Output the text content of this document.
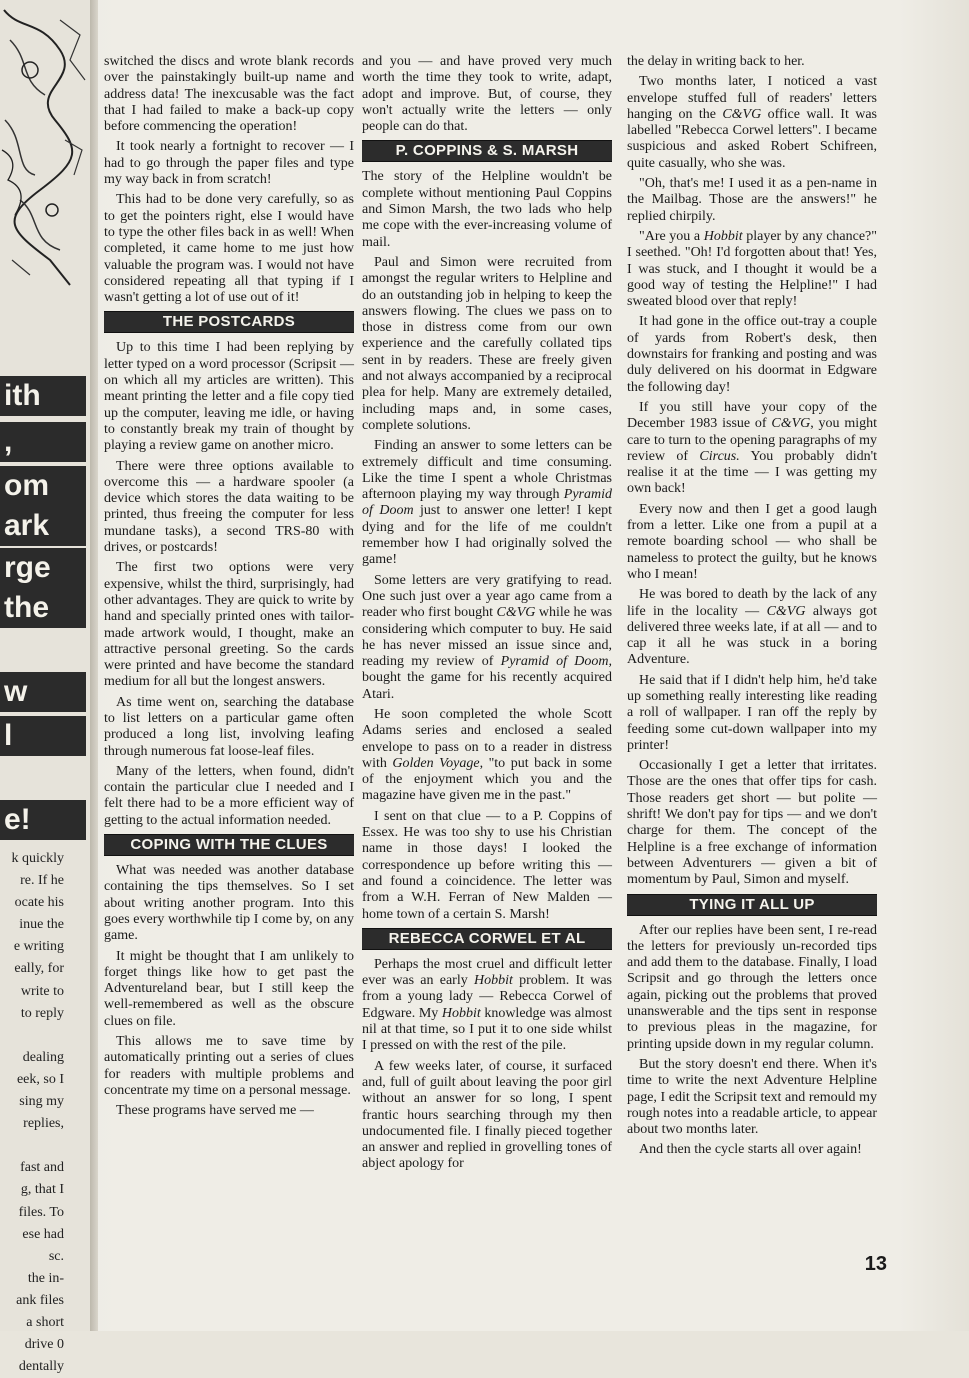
ith
,
om
ark
rge
the
w
l
e!
k quickly
re. If he
ocate his
inue the
e writing
eally, for
write to
to reply
dealing
eek, so I
sing my
replies,
fast and
g, that I
files. To
ese had
sc.
the in-
ank files
a short
drive 0
dentally

switched the discs and wrote blank records over the painstakingly built-up name and address data! The inexcusable was the fact that I had failed to make a back-up copy before commencing the operation!

It took nearly a fortnight to recover — I had to go through the paper files and type my way back in from scratch!

This had to be done very carefully, so as to get the pointers right, else I would have to type the other files back in as well! When completed, it came home to me just how valuable the program was. I would not have considered repeating all that typing if I wasn't getting a lot of use out of it!

THE POSTCARDS

Up to this time I had been replying by letter typed on a word processor (Scripsit — on which all my articles are written). This meant printing the letter and a file copy tied up the computer, leaving me idle, or having to constantly break my train of thought by playing a review game on another micro.

There were three options available to overcome this — a hardware spooler (a device which stores the data waiting to be printed, thus freeing the computer for less mundane tasks), a second TRS-80 with drives, or postcards!

The first two options were very expensive, whilst the third, surprisingly, had other advantages. They are quick to write by hand and specially printed ones with tailor-made artwork would, I thought, make an attractive personal greeting. So the cards were printed and have become the standard medium for all but the longest answers.

As time went on, searching the database to list letters on a particular game often produced a long list, involving leafing through numerous fat loose-leaf files.

Many of the letters, when found, didn't contain the particular clue I needed and I felt there had to be a more efficient way of getting to the actual information needed.

COPING WITH THE CLUES

What was needed was another database containing the tips themselves. So I set about writing another program. Into this goes every worthwhile tip I come by, on any game.

It might be thought that I am unlikely to forget things like how to get past the Adventureland bear, but I still keep the well-remembered as well as the obscure clues on file.

This allows me to save time by automatically printing out a series of clues for readers with multiple problems and concentrate my time on a personal message.

These programs have served me —

and you — and have proved very much worth the time they took to write, adapt, adopt and improve. But, of course, they won't actually write the letters — only people can do that.

P. COPPINS & S. MARSH

The story of the Helpline wouldn't be complete without mentioning Paul Coppins and Simon Marsh, the two lads who help me cope with the ever-increasing volume of mail.

Paul and Simon were recruited from amongst the regular writers to Helpline and do an outstanding job in helping to keep the answers flowing. The clues we pass on to those in distress come from our own experience and the carefully collated tips sent in by readers. These are freely given and not always accompanied by a reciprocal plea for help. Many are extremely detailed, including maps and, in some cases, complete solutions.

Finding an answer to some letters can be extremely difficult and time consuming. Like the time I spent a whole Christmas afternoon playing my way through Pyramid of Doom just to answer one letter! I kept dying and for the life of me couldn't remember how I had originally solved the game!

Some letters are very gratifying to read. One such just over a year ago came from a reader who first bought C&VG while he was considering which computer to buy. He said he has never missed an issue since and, reading my review of Pyramid of Doom, bought the game for his recently acquired Atari.

He soon completed the whole Scott Adams series and enclosed a sealed envelope to pass on to a reader in distress with Golden Voyage, "to put back in some of the enjoyment which you and the magazine have given me in the past."

I sent on that clue — to a P. Coppins of Essex. He was too shy to use his Christian name in those days! I looked the correspondence up before writing this — and found a coincidence. The letter was from a W.H. Ferran of New Malden — home town of a certain S. Marsh!

REBECCA CORWEL ET AL

Perhaps the most cruel and difficult letter ever was an early Hobbit problem. It was from a young lady — Rebecca Corwel of Edgware. My Hobbit knowledge was almost nil at that time, so I put it to one side whilst I pressed on with the rest of the pile.

A few weeks later, of course, it surfaced and, full of guilt about leaving the poor girl without an answer for so long, I spent frantic hours searching through my then undocumented file. I finally pieced together an answer and replied in grovelling tones of abject apology for

the delay in writing back to her.

Two months later, I noticed a vast envelope stuffed full of readers' letters hanging on the C&VG office wall. It was labelled "Rebecca Corwel letters". I became suspicious and asked Robert Schifreen, quite casually, who she was.

"Oh, that's me! I used it as a pen-name in the Mailbag. Those are the answers!" he replied chirpily.

"Are you a Hobbit player by any chance?" I seethed. "Oh! I'd forgotten about that! Yes, I was stuck, and I thought it would be a good way of testing the Helpline!" I had sweated blood over that reply!

It had gone in the office out-tray a couple of yards from Robert's desk, then downstairs for franking and posting and was duly delivered on his doormat in Edgware the following day!

If you still have your copy of the December 1983 issue of C&VG, you might care to turn to the opening paragraphs of my review of Circus. You probably didn't realise it at the time — I was getting my own back!

Every now and then I get a good laugh from a letter. Like one from a pupil at a remote boarding school — who shall be nameless to protect the guilty, but he knows who I mean!

He was bored to death by the lack of any life in the locality — C&VG always got delivered three weeks late, if at all — and to cap it all he was stuck in a boring Adventure.

He said that if I didn't help him, he'd take up something really interesting like reading a roll of wallpaper. I ran off the reply by feeding some cut-down wallpaper into my printer!

Occasionally I get a letter that irritates. Those are the ones that offer tips for cash. Those readers get short — but polite — shrift! We don't pay for tips — and we don't charge for them. The concept of the Helpline is a free exchange of information between Adventurers — given a bit of momentum by Paul, Simon and myself.

TYING IT ALL UP

After our replies have been sent, I re-read the letters for previously un-recorded tips and add them to the database. Finally, I load Scripsit and go through the letters once again, picking out the problems that proved unanswerable and the tips sent in response to previous pleas in the magazine, for printing upside down in my regular column.

But the story doesn't end there. When it's time to write the next Adventure Helpline page, I edit the Scripsit text and remould my rough notes into a readable article, to appear about two months later.

And then the cycle starts all over again!

13
